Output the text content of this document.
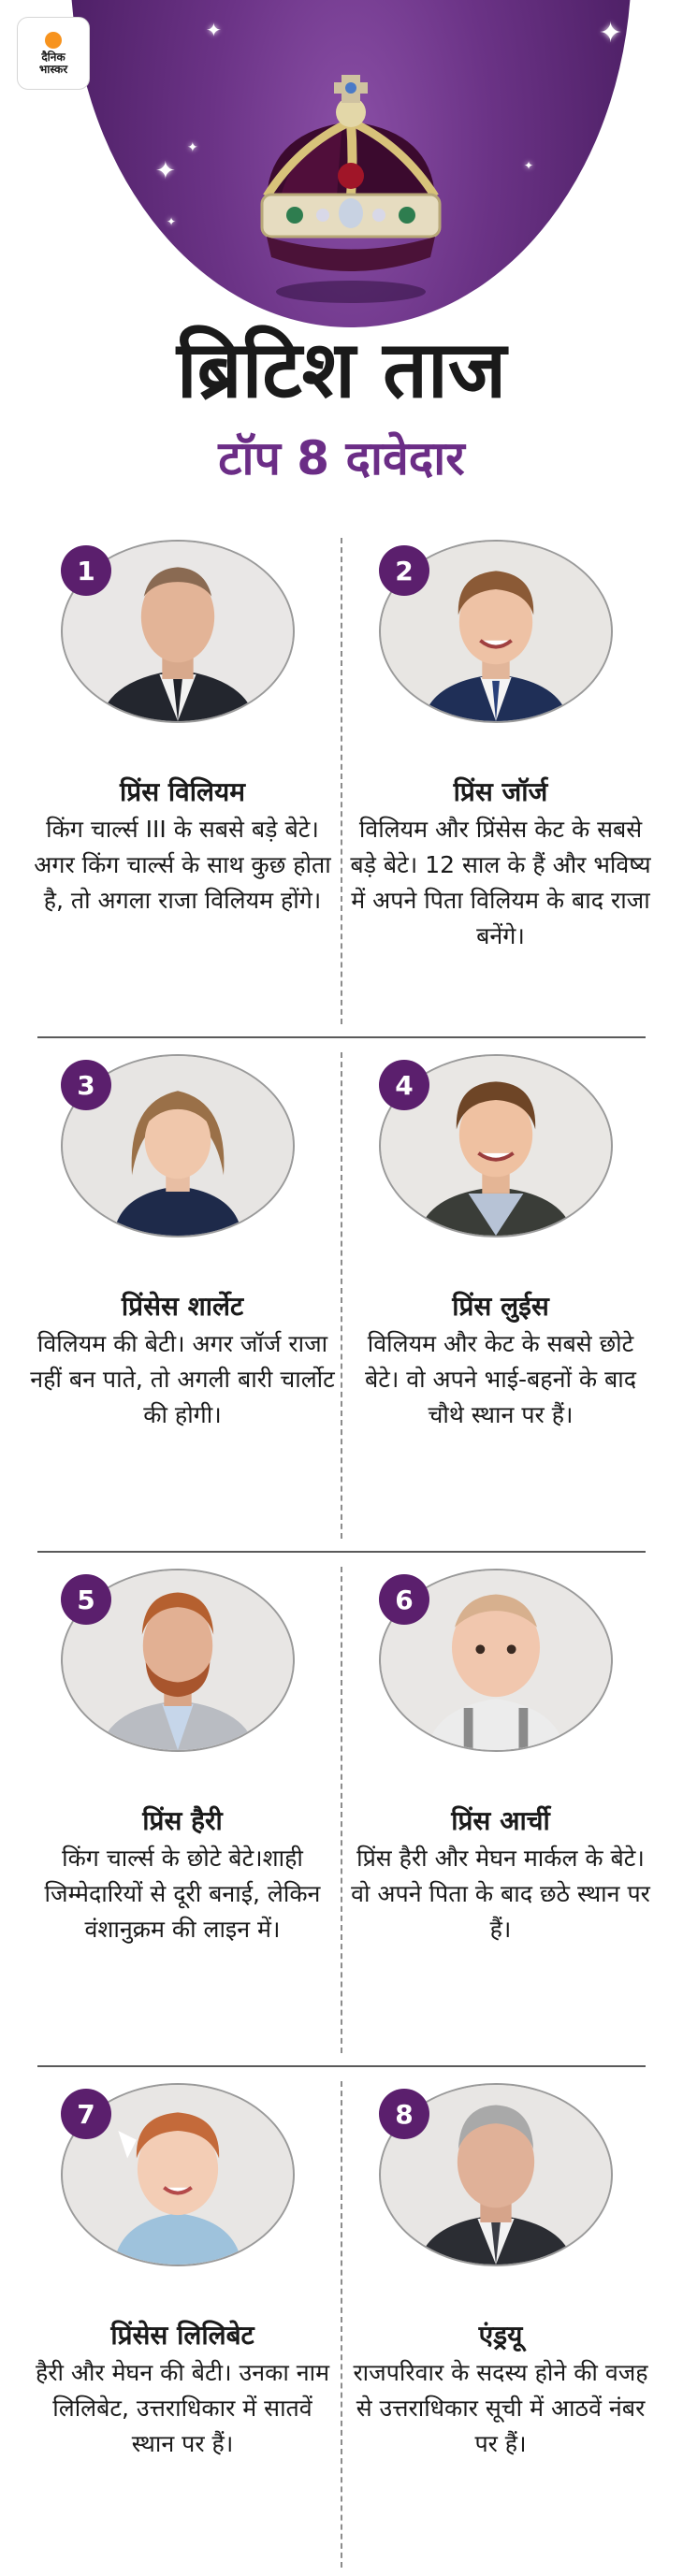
✦	✦
✦
✦
✦
✦
दैनिक
भास्कर
ब्रिटिश ताज
टॉप 8 दावेदार
1
प्रिंस विलियम
किंग चार्ल्स III के सबसे बड़े बेटे। अगर किंग चार्ल्स के साथ कुछ होता है, तो अगला राजा विलियम होंगे।
2
प्रिंस जॉर्ज
विलियम और प्रिंसेस केट के सबसे बड़े बेटे। 12 साल के हैं और भविष्य में अपने पिता विलियम के बाद राजा बनेंगे।
3
प्रिंसेस शार्लेट
विलियम की बेटी। अगर जॉर्ज राजा नहीं बन पाते, तो अगली बारी चार्लोट की होगी।
4
प्रिंस लुईस
विलियम और केट के सबसे छोटे बेटे। वो अपने भाई-बहनों के बाद चौथे स्थान पर हैं।
5
प्रिंस हैरी
किंग चार्ल्स के छोटे बेटे।शाही जिम्मेदारियों से दूरी बनाई, लेकिन वंशानुक्रम की लाइन में।
6
प्रिंस आर्ची
प्रिंस हैरी और मेघन मार्कल के बेटे। वो अपने पिता के बाद छठे स्थान पर हैं।
7
प्रिंसेस लिलिबेट
हैरी और मेघन की बेटी। उनका नाम लिलिबेट, उत्तराधिकार में सातवें स्थान पर हैं।
8
एंड्रयू
राजपरिवार के सदस्य होने की वजह से उत्तराधिकार सूची में आठवें नंबर पर हैं।
